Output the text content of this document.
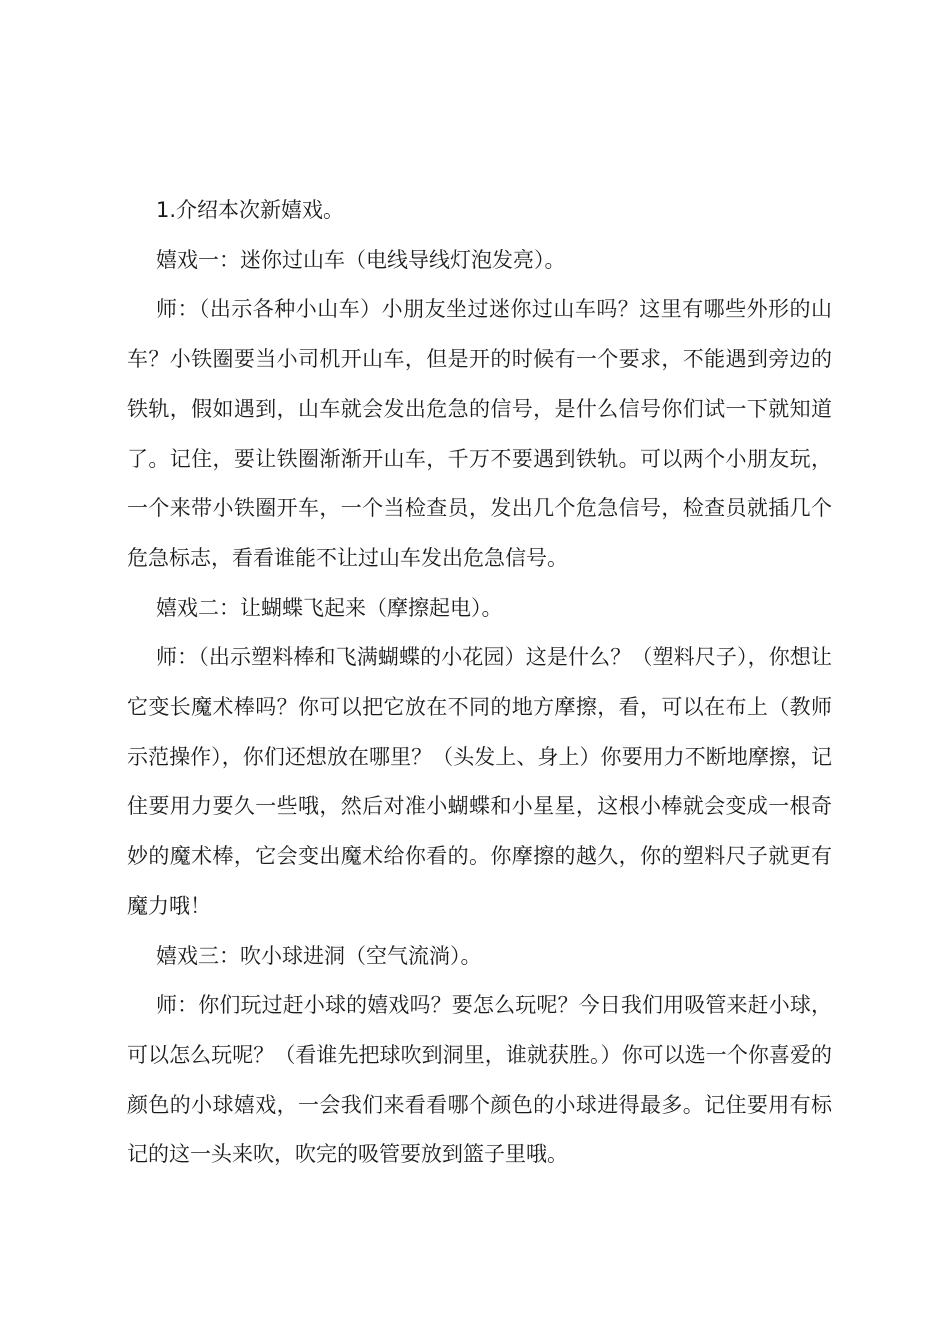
1.介绍本次新嬉戏。

嬉戏一：迷你过山车（电线导线灯泡发亮）。

师：（出示各种小山车）小朋友坐过迷你过山车吗？这里有哪些外形的山车？小铁圈要当小司机开山车，但是开的时候有一个要求，不能遇到旁边的铁轨，假如遇到，山车就会发出危急的信号，是什么信号你们试一下就知道了。记住，要让铁圈渐渐开山车，千万不要遇到铁轨。可以两个小朋友玩，一个来带小铁圈开车，一个当检查员，发出几个危急信号，检查员就插几个危急标志，看看谁能不让过山车发出危急信号。

嬉戏二：让蝴蝶飞起来（摩擦起电）。

师：（出示塑料棒和飞满蝴蝶的小花园）这是什么？（塑料尺子），你想让它变长魔术棒吗？你可以把它放在不同的地方摩擦，看，可以在布上（教师示范操作），你们还想放在哪里？（头发上、身上）你要用力不断地摩擦，记住要用力要久一些哦，然后对准小蝴蝶和小星星，这根小棒就会变成一根奇妙的魔术棒，它会变出魔术给你看的。你摩擦的越久，你的塑料尺子就更有魔力哦！

嬉戏三：吹小球进洞（空气流淌）。

师：你们玩过赶小球的嬉戏吗？要怎么玩呢？今日我们用吸管来赶小球，可以怎么玩呢？（看谁先把球吹到洞里，谁就获胜。）你可以选一个你喜爱的颜色的小球嬉戏，一会我们来看看哪个颜色的小球进得最多。记住要用有标记的这一头来吹，吹完的吸管要放到篮子里哦。
